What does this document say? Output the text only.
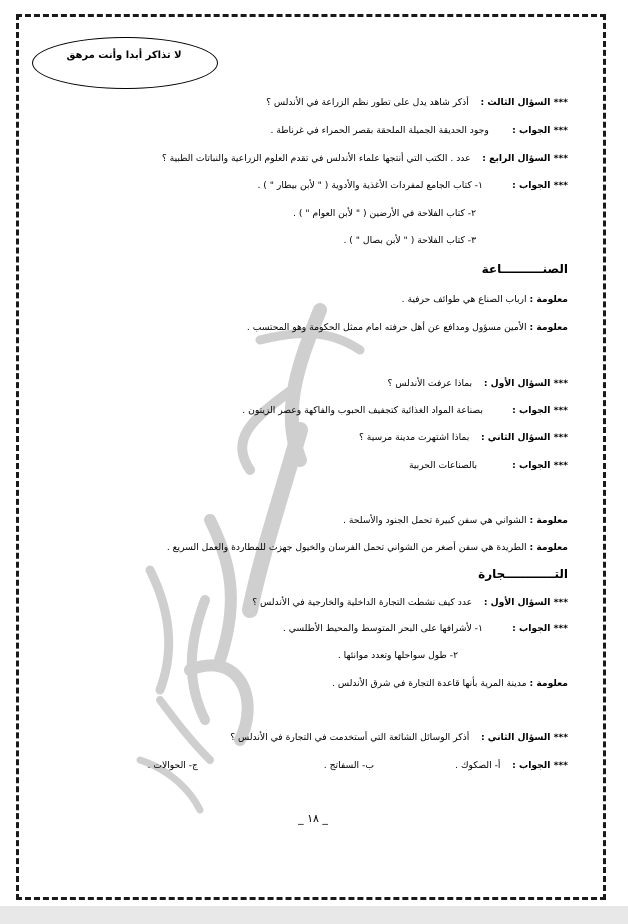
لا تذاكر أبدا وأنت مرهق
*** السؤال الثالث :    أذكر شاهد يدل على تطور نظم الزراعة في الأندلس ؟
*** الجواب :        وجود الحديقة الجميلة الملحقة بقصر الحمراء في غرناطة .
*** السؤال الرابع :    عدد . الكتب التي أنتجها علماء الأندلس في تقدم العلوم الزراعية والنباتات الطبية ؟
*** الجواب :          ١- كتاب الجامع لمفردات الأغذية والأدوية ( " لأبن بيطار " ) .
٢- كتاب الفلاحة في الأرضين ( " لأبن العوام " ) .
٣- كتاب الفلاحة ( " لأبن بصال " ) .
الصنــــــــــاعة
معلومة : ارباب الصناع هي طوائف حرفية .
معلومة : الأمين مسؤول ومدافع عن أهل حرفته امام ممثل الحكومة وهو المحتسب .
*** السؤال الأول :    بماذا عرفت الأندلس ؟
*** الجواب :          بصناعة المواد الغذائية كتجفيف الحبوب والفاكهة وعصر الزيتون .
*** السؤال الثاني :    بماذا اشتهرت مدينة مرسية ؟
*** الجواب :            بالصناعات الحربية
معلومة : الشواني هي سفن كبيرة تحمل الجنود والأسلحة .
معلومة : الطريدة هي سفن أصغر من الشواني تحمل الفرسان والخيول جهزت للمطاردة والعمل السريع .
التــــــــــــجارة
*** السؤال الأول :    عدد كيف نشطت التجارة الداخلية والخارجية في الأندلس ؟
*** الجواب :          ١- لأشرافها على البحر المتوسط والمحيط الأطلسي .
٢- طول سواحلها وتعدد موانئها .
معلومة : مدينة المرية بأنها قاعدة التجارة في شرق الأندلس .
*** السؤال الثاني :    أذكر الوسائل الشائعة التي أستخدمت في التجارة في الأندلس ؟
*** الجواب :    أ- الصكوك .
ب- السفاتج .
ج- الحوالات .
_ ١٨ _
